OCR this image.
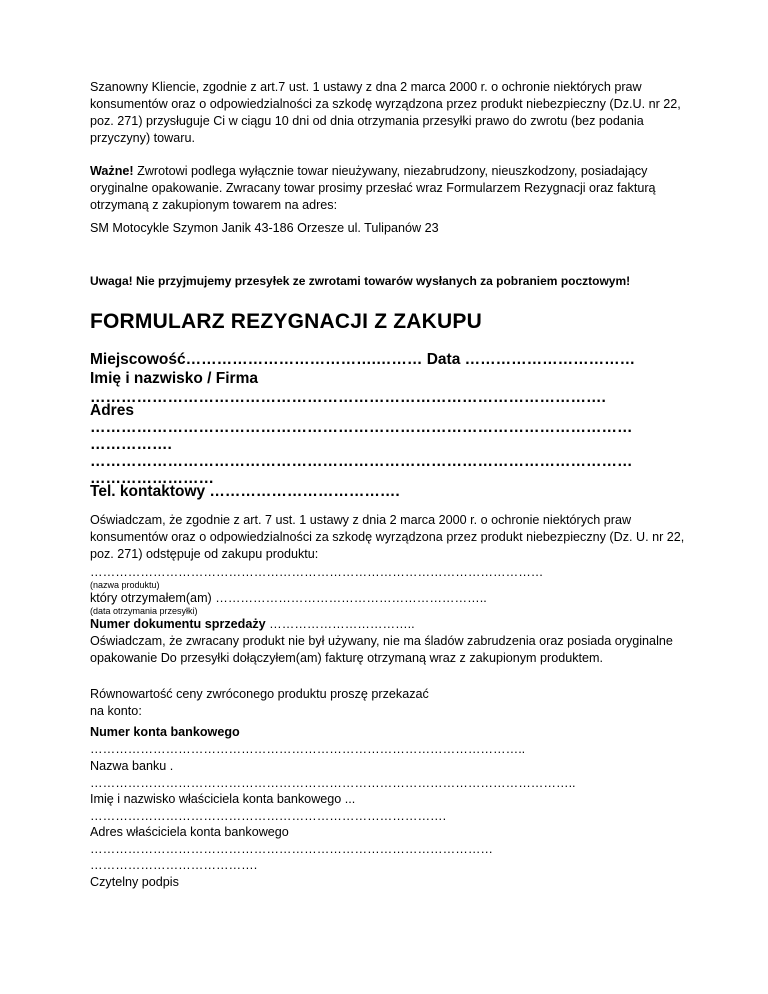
Szanowny Kliencie, zgodnie z art.7 ust. 1 ustawy z dna 2 marca 2000 r. o ochronie niektórych praw konsumentów oraz o odpowiedzialności za szkodę wyrządzona przez produkt niebezpieczny (Dz.U. nr 22, poz. 271) przysługuje Ci w ciągu 10 dni od dnia otrzymania przesyłki prawo do zwrotu (bez podania przyczyny) towaru.

Ważne! Zwrotowi podlega wyłącznie towar nieużywany, niezabrudzony, nieuszkodzony, posiadający oryginalne opakowanie. Zwracany towar prosimy przesłać wraz Formularzem Rezygnacji oraz fakturą otrzymaną z zakupionym towarem na adres:

SM Motocykle Szymon Janik 43-186 Orzesze ul. Tulipanów 23

Uwaga! Nie przyjmujemy przesyłek ze zwrotami towarów wysłanych za pobraniem pocztowym!

FORMULARZ REZYGNACJI Z ZAKUPU

Miejscowość……………………………….……… Data ……………………………

Imię i nazwisko / Firma

……………………………………………………………………………………….

Adres

……………………………………………………………………………………………

…………….

……………………………………………………………………………………………

……………………

Tel. kontaktowy ……………………………….

Oświadczam, że zgodnie z art. 7 ust. 1 ustawy z dnia 2 marca 2000 r. o ochronie niektórych praw konsumentów oraz o odpowiedzialności za szkodę wyrządzona przez produkt niebezpieczny (Dz. U. nr 22, poz. 271) odstępuje od zakupu produktu:

………………………………………………………………………………………………

(nazwa produktu)

który otrzymałem(am) ………………………………………………………..

(data otrzymania przesyłki)

Numer dokumentu sprzedaży ……………………………..

Oświadczam, że zwracany produkt nie był używany, nie ma śladów zabrudzenia oraz posiada oryginalne opakowanie Do przesyłki dołączyłem(am) fakturę otrzymaną wraz z zakupionym produktem.

Równowartość ceny zwróconego produktu proszę przekazać

na konto:

Numer konta bankowego

…………………………………………………………………………………………..

Nazwa banku .

……………………………………………………………………………………………………..

Imię i nazwisko właściciela konta bankowego ...

………………………………………………………………………….

Adres właściciela konta bankowego

……………………………………………………………………………………

………………………………….

Czytelny podpis
